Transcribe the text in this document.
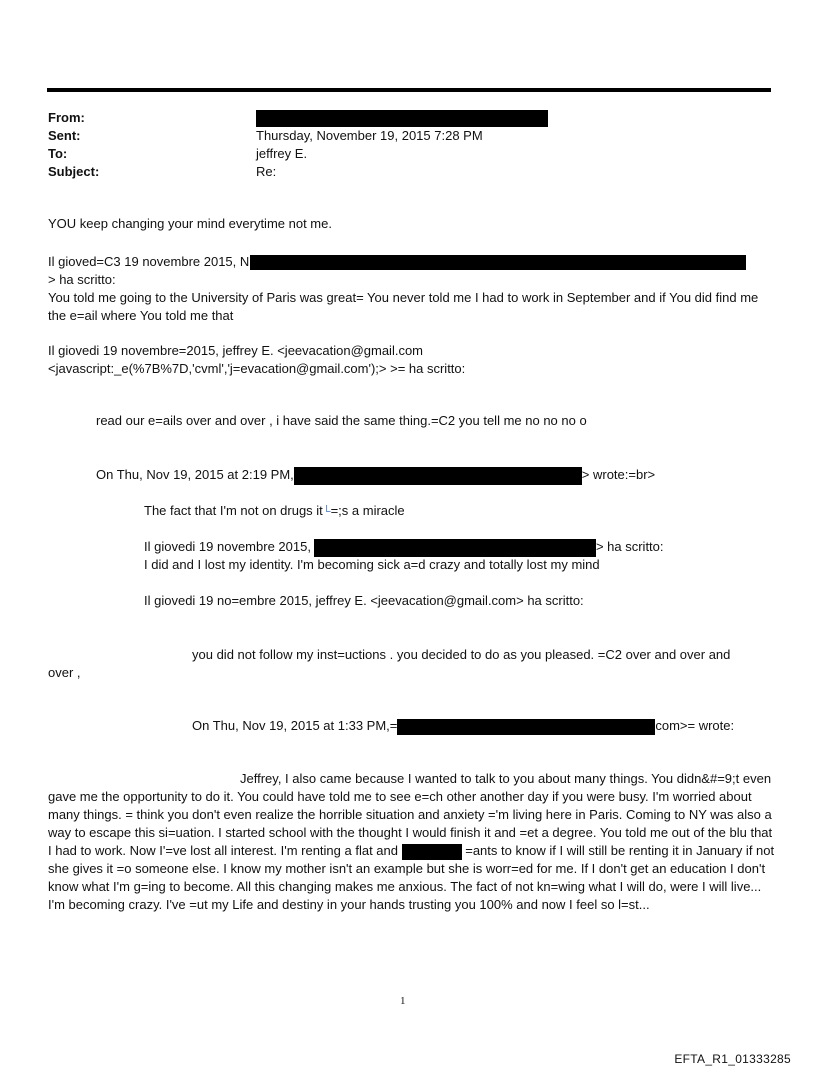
From:
Sent:	Thursday, November 19, 2015 7:28 PM
To:	jeffrey E.
Subject:	Re:
YOU keep changing your mind everytime not me.
Il gioved=C3 19 novembre 2015, N
> ha scritto:
You told me going to the University of Paris was great= You never told me I had to work in September and if You did find me the e=ail where You told me that
Il giovedi 19 novembre=2015, jeffrey E. <jeevacation@gmail.com
<javascript:_e(%7B%7D,'cvml','j=evacation@gmail.com');> >= ha scritto:
read our e=ails over and over , i have said the same thing.=C2 you tell me no no no o
On Thu, Nov 19, 2015 at 2:19 PM,	> wrote:=br>
The fact that I'm not on drugs it└=;s a miracle
Il giovedi 19 novembre 2015,	> ha scritto:
I did and I lost my identity. I'm becoming sick a=d crazy and totally lost my mind
Il giovedi 19 no=embre 2015, jeffrey E. <jeevacation@gmail.com> ha scritto:
you did not follow my inst=uctions . you decided to do as you pleased. =C2 over and over and
over ,
On Thu, Nov 19, 2015 at 1:33 PM,=	com>= wrote:
Jeffrey, I also came because I wanted to talk to you about many things. You didn&#=9;t even gave me the opportunity to do it. You could have told me to see e=ch other another day if you were busy. I'm worried about many things. = think you don't even realize the horrible situation and anxiety ='m living here in Paris. Coming to NY was also a way to escape this si=uation. I started school with the thought I would finish it and =et a degree. You told me out of the blu that I had to work. Now I'=ve lost all interest. I'm renting a flat and	=ants to know if I will still be renting it in January if not she gives it =o someone else. I know my mother isn't an example but she is worr=ed for me. If I don't get an education I don't know what I'm g=ing to become. All this changing makes me anxious. The fact of not kn=wing what I will do, were I will live... I'm becoming crazy. I've =ut my Life and destiny in your hands trusting you 100% and now I feel so l=st...
1
EFTA_R1_01333285
